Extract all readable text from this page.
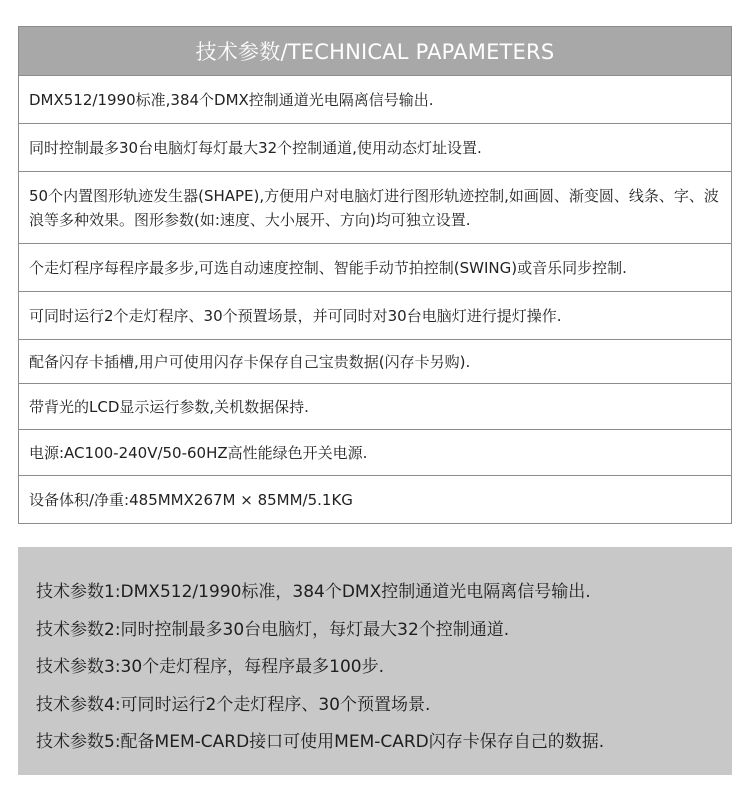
技术参数/TECHNICAL PAPAMETERS
DMX512/1990标准,384个DMX控制通道光电隔离信号输出.
同时控制最多30台电脑灯每灯最大32个控制通道,使用动态灯址设置.
50个内置图形轨迹发生器(SHAPE),方便用户对电脑灯进行图形轨迹控制,如画圆、渐变圆、线条、字、波浪等多种效果。图形参数(如:速度、大小展开、方向)均可独立设置.
个走灯程序每程序最多步,可选自动速度控制、智能手动节拍控制(SWING)或音乐同步控制.
可同时运行2个走灯程序、30个预置场景，并可同时对30台电脑灯进行提灯操作.
配备闪存卡插槽,用户可使用闪存卡保存自己宝贵数据(闪存卡另购).
带背光的LCD显示运行参数,关机数据保持.
电源:AC100-240V/50-60HZ高性能绿色开关电源.
设备体积/净重:485MMX267M × 85MM/5.1KG
技术参数1:DMX512/1990标准，384个DMX控制通道光电隔离信号输出.
技术参数2:同时控制最多30台电脑灯，每灯最大32个控制通道.
技术参数3:30个走灯程序，每程序最多100步.
技术参数4:可同时运行2个走灯程序、30个预置场景.
技术参数5:配备MEM-CARD接口可使用MEM-CARD闪存卡保存自己的数据.
